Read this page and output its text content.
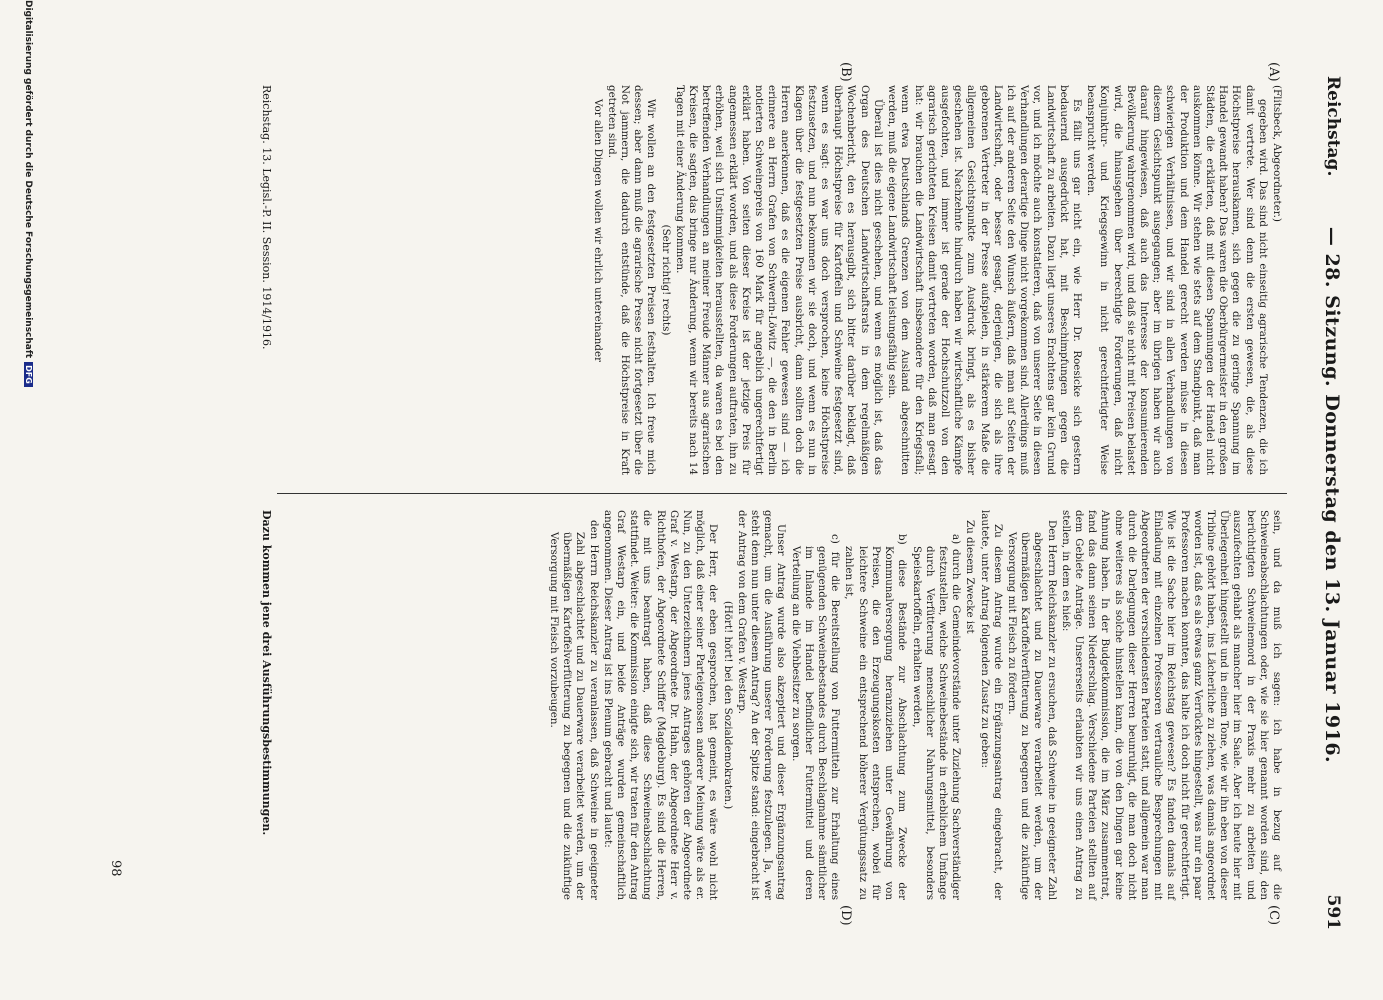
Reichstag.
— 28. Sitzung. Donnerstag den 13. Januar 1916.
591
(A)
(B)
(C)
(D)

(Flitsbeck, Abgeordneter.)

gegeben wird. Das sind nicht einseitig agrarische Tendenzen, die ich damit vertrete. Wer sind denn die ersten gewesen, die, als diese Höchstpreise herauskamen, sich gegen die zu geringe Spannung im Handel gewandt haben? Das waren die Oberbürgermeister in den großen Städten, die erklärten, daß mit diesen Spannungen der Handel nicht auskommen könne. Wir stehen wie stets auf dem Standpunkt, daß man der Produktion und dem Handel gerecht werden müsse in diesen schwierigen Verhältnissen, und wir sind in allen Verhandlungen von diesem Gesichtspunkt ausgegangen; aber im übrigen haben wir auch darauf hingewiesen, daß auch das Interesse der konsumierenden Bevölkerung wahrgenommen wird, und daß sie nicht mit Preisen belastet wird, die hinausgehen über berechtigte Forderungen, daß nicht Konjunktur- und Kriegsgewinn in nicht gerechtfertigter Weise beansprucht werden.

Es fällt uns gar nicht ein, wie Herr Dr. Roesicke sich gestern bedauernd ausgedrückt hat, mit Beschimpfungen gegen die Landwirtschaft zu arbeiten. Dazu liegt unseres Erachtens gar kein Grund vor, und ich möchte auch konstatieren, daß von unserer Seite in diesen Verhandlungen derartige Dinge nicht vorgekommen sind. Allerdings muß ich auf der anderen Seite den Wunsch äußern, daß man auf Seiten der Landwirtschaft, oder besser gesagt, derjenigen, die sich als ihre geborenen Vertreter in der Presse aufspielen, in stärkerem Maße die allgemeinen Gesichtspunkte zum Ausdruck bringt, als es bisher geschehen ist. Nachzehnte hindurch haben wir wirtschaftliche Kämpfe ausgefochten, und immer ist gerade der Hochschutzzoll von den agrarisch gerichteten Kreisen damit vertreten worden, daß man gesagt hat: wir brauchen die Landwirtschaft insbesondere für den Kriegsfall; wenn etwa Deutschlands Grenzen von dem Ausland abgeschnitten werden, muß die eigene Landwirtschaft leistungsfähig sein.

Überall ist dies nicht geschehen, und wenn es möglich ist, daß das Organ des Deutschen Landwirtschaftsrats in dem regelmäßigen Wochenbericht, den es herausgibt, sich bitter darüber beklagt, daß überhaupt Höchstpreise für Kartoffeln und Schweine festgesetzt sind, wenn es sagt: es war uns doch versprochen, keine Höchstpreise festzusetzen, und nun bekommen wir sie doch, und wenn es nun in Klagen über die festgesetzten Preise ausbricht, dann sollten doch die Herren anerkennen, daß es die eigenen Fehler gewesen sind — ich erinnere an Herrn Grafen von Schwerin-Löwitz —, die den in Berlin notierten Schweinepreis von 160 Mark für angeblich ungerechtfertigt erklärt haben. Von seiten dieser Kreise ist der jetzige Preis für angemessen erklärt worden, und als diese Forderungen auftraten, ihn zu erhöhen, weil sich Unstimmigkeiten herausstellten, da waren es bei den betreffenden Verhandlungen an meiner Freude Männer aus agrarischen Kreisen, die sagten, das bringe nur Änderung, wenn wir bereits nach 14 Tagen mit einer Änderung kommen.

(Sehr richtig! rechts)

Wir wollen an den festgesetzten Preisen festhalten. Ich freue mich dessen; aber dann muß die agrarische Presse nicht fortgesetzt über die Not jammern, die dadurch entstünde, daß die Höchstpreise in Kraft getreten sind.

Vor allen Dingen wollen wir ehrlich untereinander

sein, und da muß ich sagen: ich habe in bezug auf die Schweineabschlachtungen oder, wie sie hier genannt worden sind, den berüchtigten Schweinemord in der Praxis mehr zu arbeiten und auszufechten gehabt als mancher hier im Saale. Aber ich heute hier mit Überlegenheit hingestellt und in einem Tone, wie wir ihn eben von dieser Tribüne gehört haben, ins Lächerliche zu ziehen, was damals angeordnet worden ist, daß es als etwas ganz Verrücktes hingestellt, was nur ein paar Professoren machen konnten, das halte ich doch nicht für gerechtfertigt. Wie ist die Sache hier im Reichstag gewesen? Es fanden damals auf Einladung mit einzelnen Professoren vertrauliche Besprechungen mit Abgeordneten der verschiedensten Parteien statt, und allgemein war man durch die Darlegungen dieser Herren beunruhigt, die man doch nicht ohne weiteres als solche hinstellen kann, die von den Dingen gar keine Ahnung haben. In der Budgetkommission, die im März zusammentrat, fand das dann seinen Niederschlag. Verschiedene Parteien stellten auf dem Gebiete Anträge. Unsererseits erlaubten wir uns einen Antrag zu stellen, in dem es hieß:

Den Herrn Reichskanzler zu ersuchen, daß Schweine in geeigneter Zahl abgeschlachtet und zu Dauerware verarbeitet werden, um der übermäßigen Kartoffelverfütterung zu begegnen und die zukünftige Versorgung mit Fleisch zu fördern.

Zu diesem Antrag wurde ein Ergänzungsantrag eingebracht, der lautete, unter Antrag folgenden Zusatz zu geben:

Zu diesem Zwecke ist

a) durch die Gemeindevorstände unter Zuziehung Sachverständiger festzustellen, welche Schweinebestände in erheblichem Umfange durch Verfütterung menschlicher Nahrungsmittel, besonders Speisekartoffeln, erhalten werden,

b) diese Bestände zur Abschlachtung zum Zwecke der Kommunalversorgung heranzuziehen unter Gewährung von Preisen, die den Erzeugungskosten entsprechen, wobei für leichtere Schweine ein entsprechend höherer Vergütungssatz zu zahlen ist,

c) für die Bereitstellung von Futtermitteln zur Erhaltung eines genügenden Schweinebestandes durch Beschlagnahme sämtlicher im Inlande im Handel befindlicher Futtermittel und deren Verteilung an die Viehbesitzer zu sorgen.

Unser Antrag wurde also akzeptiert und dieser Ergänzungsantrag gemacht, um die Ausführung unserer Forderung festzulegen. Ja, wer steht denn nun unter diesem Antrag? An der Spitze stand: eingebracht ist der Antrag von dem Grafen v. Westarp.

(Hört! hört! bei den Sozialdemokraten.)

Der Herr, der eben gesprochen, hat gemeint, es wäre wohl nicht möglich, daß einer seiner Parteigenossen anderer Meinung wäre als er. Nun, zu den Unterzeichnern jenes Antrages gehören der Abgeordnete Graf v. Westarp, der Abgeordnete Dr. Hahn, der Abgeordnete Herr v. Richthofen, der Abgeordnete Schiffer (Magdeburg). Es sind die Herren, die mit uns beantragt haben, daß diese Schweineabschlachtung stattfindet. Weiter: die Kommission einigte sich, wir traten für den Antrag Graf Westarp ein, und beide Anträge wurden gemeinschaftlich angenommen. Dieser Antrag ist ins Plenum gebracht und lautet:

den Herrn Reichskanzler zu veranlassen, daß Schweine in geeigneter Zahl abgeschlachtet und zu Dauerware verarbeitet werden, um der übermäßigen Kartoffelverfütterung zu begegnen und die zukünftige Versorgung mit Fleisch vorzubeugen.

Reichstag. 13. Legisl.-P. II. Session. 1914/1916.
Dazu kommen jene drei Ausführungsbestimmungen.
98
Digitalisierung gefördert durch die Deutsche ForschungsgemeinschaftDFG
